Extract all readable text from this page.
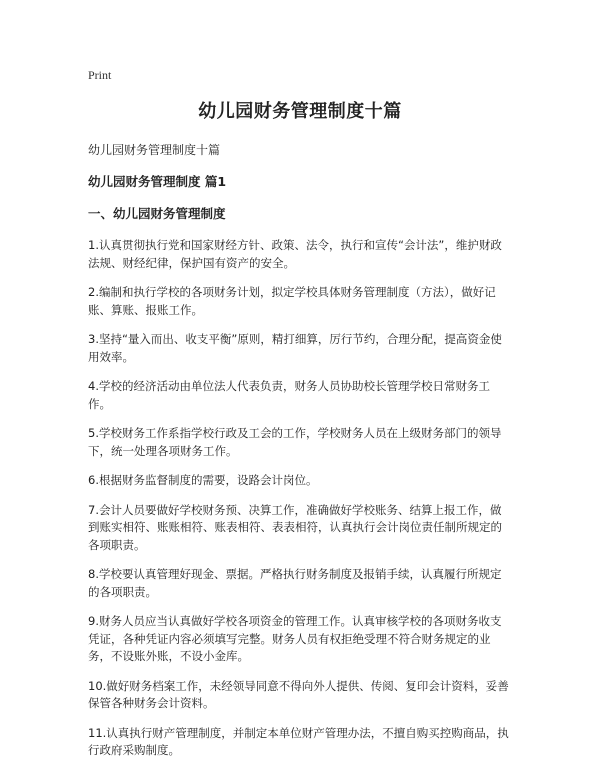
Print
幼儿园财务管理制度十篇
幼儿园财务管理制度十篇
幼儿园财务管理制度 篇1
一、幼儿园财务管理制度
1.认真贯彻执行党和国家财经方针、政策、法令，执行和宣传“会计法”，维护财政法规、财经纪律，保护国有资产的安全。
2.编制和执行学校的各项财务计划，拟定学校具体财务管理制度（方法），做好记账、算账、报账工作。
3.坚持“量入而出、收支平衡”原则，精打细算，厉行节约，合理分配，提高资金使用效率。
4.学校的经济活动由单位法人代表负责，财务人员协助校长管理学校日常财务工作。
5.学校财务工作系指学校行政及工会的工作，学校财务人员在上级财务部门的领导下，统一处理各项财务工作。
6.根据财务监督制度的需要，设路会计岗位。
7.会计人员要做好学校财务预、决算工作，准确做好学校账务、结算上报工作，做到账实相符、账账相符、账表相符、表表相符，认真执行会计岗位责任制所规定的各项职责。
8.学校要认真管理好现金、票据。严格执行财务制度及报销手续，认真履行所规定的各项职责。
9.财务人员应当认真做好学校各项资金的管理工作。认真审核学校的各项财务收支凭证，各种凭证内容必须填写完整。财务人员有权拒绝受理不符合财务规定的业务，不设账外账，不设小金库。
10.做好财务档案工作，未经领导同意不得向外人提供、传阅、复印会计资料，妥善保管各种财务会计资料。
11.认真执行财产管理制度，并制定本单位财产管理办法，不擅自购买控购商品，执行政府采购制度。
